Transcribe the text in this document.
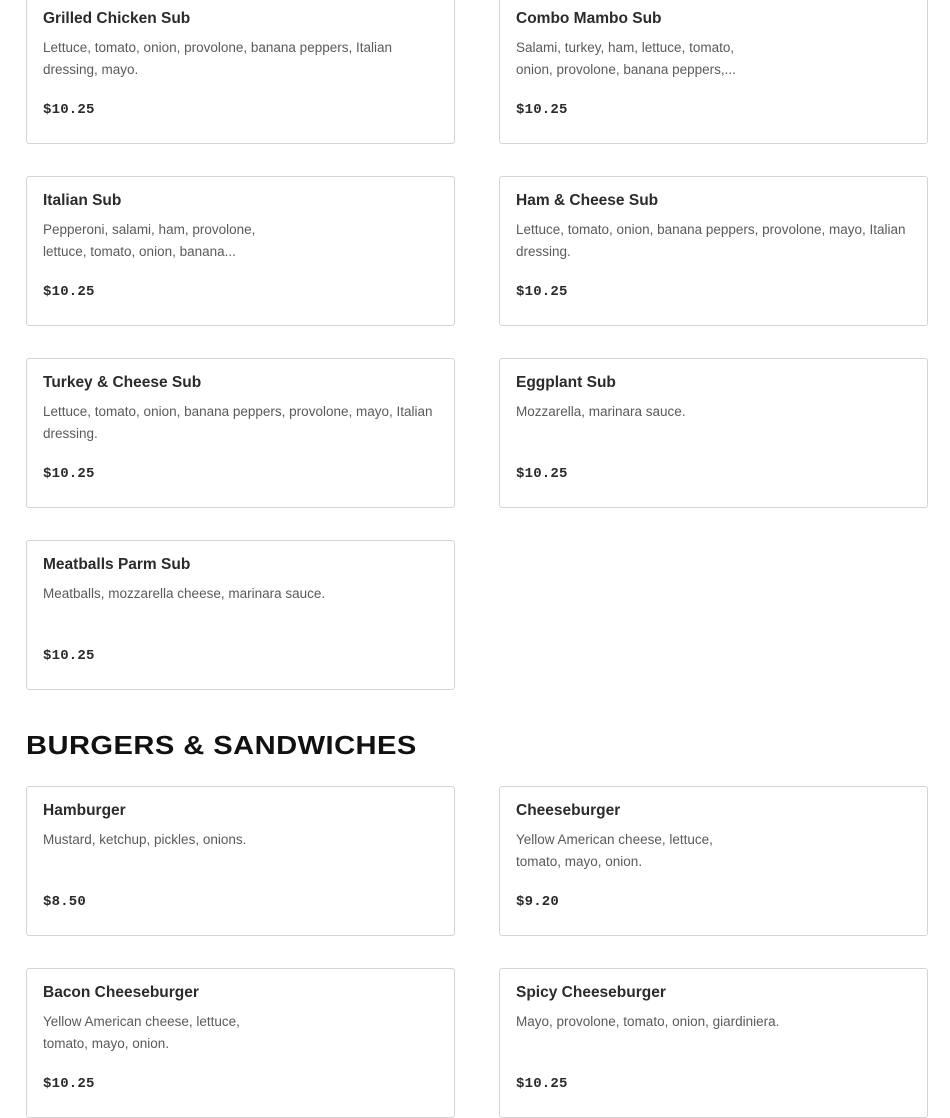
Grilled Chicken Sub
Lettuce, tomato, onion, provolone, banana peppers, Italian dressing, mayo.
$10.25
Combo Mambo Sub
Salami, turkey, ham, lettuce, tomato, onion, provolone, banana peppers,...
$10.25
Italian Sub
Pepperoni, salami, ham, provolone, lettuce, tomato, onion, banana...
$10.25
Ham & Cheese Sub
Lettuce, tomato, onion, banana peppers, provolone, mayo, Italian dressing.
$10.25
Turkey & Cheese Sub
Lettuce, tomato, onion, banana peppers, provolone, mayo, Italian dressing.
$10.25
Eggplant Sub
Mozzarella, marinara sauce.
$10.25
Meatballs Parm Sub
Meatballs, mozzarella cheese, marinara sauce.
$10.25
BURGERS & SANDWICHES
Hamburger
Mustard, ketchup, pickles, onions.
$8.50
Cheeseburger
Yellow American cheese, lettuce, tomato, mayo, onion.
$9.20
Bacon Cheeseburger
Yellow American cheese, lettuce, tomato, mayo, onion.
$10.25
Spicy Cheeseburger
Mayo, provolone, tomato, onion, giardiniera.
$10.25
